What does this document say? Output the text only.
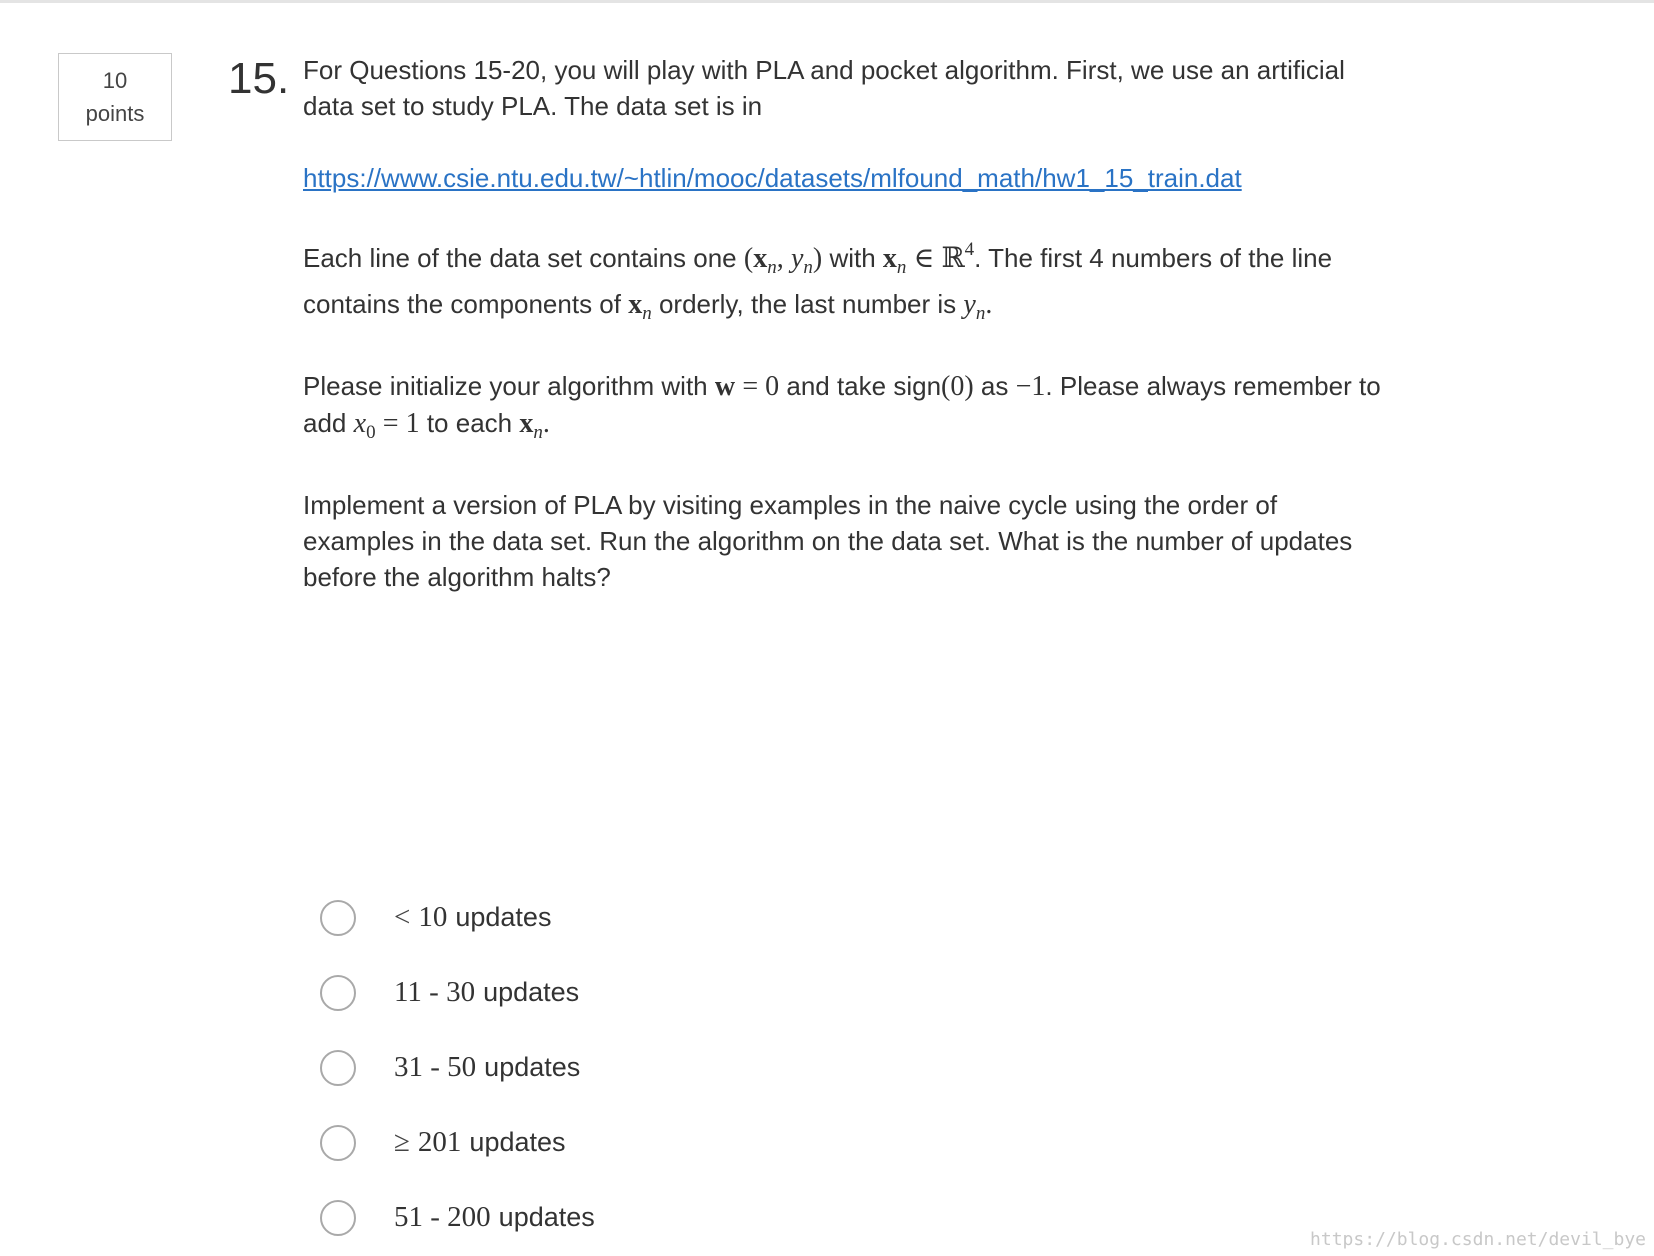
10
points
15. For Questions 15-20, you will play with PLA and pocket algorithm. First, we use an artificial data set to study PLA. The data set is in

https://www.csie.ntu.edu.tw/~htlin/mooc/datasets/mlfound_math/hw1_15_train.dat

Each line of the data set contains one ($x_n$, $y_n$) with $x_n$ ∈ ℝ$^4$. The first 4 numbers of the line contains the components of $x_n$ orderly, the last number is $y_n$.

Please initialize your algorithm with w = 0 and take sign(0) as −1. Please always remember to add $x_0 = 1$ to each $x_n$.

Implement a version of PLA by visiting examples in the naive cycle using the order of examples in the data set. Run the algorithm on the data set. What is the number of updates before the algorithm halts?

< 10 updates
11 - 30 updates
31 - 50 updates
≥ 201 updates
51 - 200 updates
https://blog.csdn.net/devil_bye
